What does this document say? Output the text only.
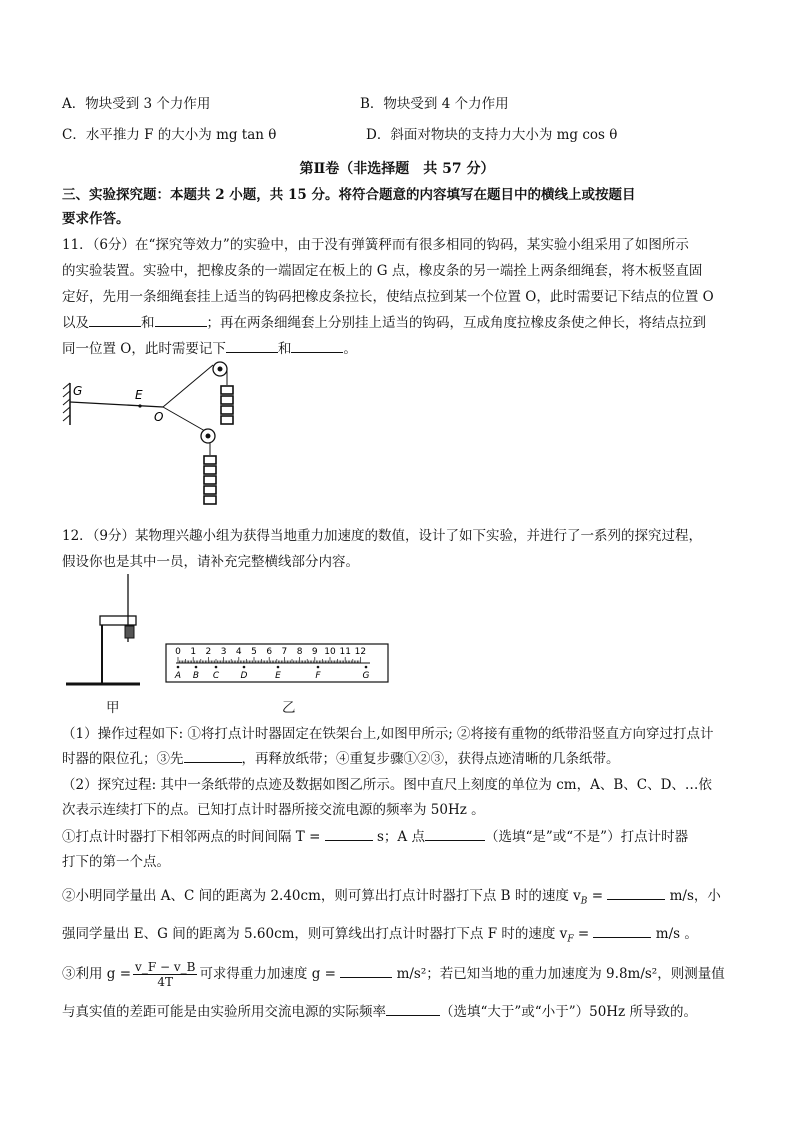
A．物块受到 3 个力作用	B．物块受到 4 个力作用
C．水平推力 F 的大小为 mg tan θ	D．斜面对物块的支持力大小为 mg cos θ
第Ⅱ卷（非选择题　共 57 分）
三、实验探究题：本题共 2 小题，共 15 分。将符合题意的内容填写在题目中的横线上或按题目
要求作答。
11．（6分）在“探究等效力”的实验中，由于没有弹簧秤而有很多相同的钩码，某实验小组采用了如图所示
的实验装置。实验中，把橡皮条的一端固定在板上的 G 点，橡皮条的另一端拴上两条细绳套，将木板竖直固
定好，先用一条细绳套挂上适当的钩码把橡皮条拉长，使结点拉到某一个位置 O，此时需要记下结点的位置 O
以及	和	；再在两条细绳套上分别挂上适当的钩码，互成角度拉橡皮条使之伸长，将结点拉到
同一位置 O，此时需要记下	和	。
G	E
O
12．（9分）某物理兴趣小组为获得当地重力加速度的数值，设计了如下实验，并进行了一系列的探究过程，
假设你也是其中一员，请补充完整横线部分内容。
0 1 2 3 4 5 6 7 8 9 10 11 12
A B C D	E	F	G
甲	乙
（1）操作过程如下: ①将打点计时器固定在铁架台上,如图甲所示; ②将接有重物的纸带沿竖直方向穿过打点计
时器的限位孔；③先	，再释放纸带；④重复步骤①②③，获得点迹清晰的几条纸带。
（2）探究过程: 其中一条纸带的点迹及数据如图乙所示。图中直尺上刻度的单位为 cm，A、B、C、D、…依
次表示连续打下的点。已知打点计时器所接交流电源的频率为 50Hz 。
①打点计时器打下相邻两点的时间间隔 T =	s；A 点	（选填“是”或“不是”）打点计时器
打下的第一个点。
②小明同学量出 A、C 间的距离为 2.40cm，则可算出打点计时器打下点 B 时的速度 $v_B$ =	m/s，小
强同学量出 E、G 间的距离为 5.60cm，则可算线出打点计时器打下点 F 时的速度 $v_F$ =	m/s 。
③利用 $g = \frac{v\_F - v\_B}{4T}$ 可求得重力加速度 g =	m/s²；若已知当地的重力加速度为 9.8m/s²，则测量值
与真实值的差距可能是由实验所用交流电源的实际频率	（选填“大于”或“小于”）50Hz 所导致的。
